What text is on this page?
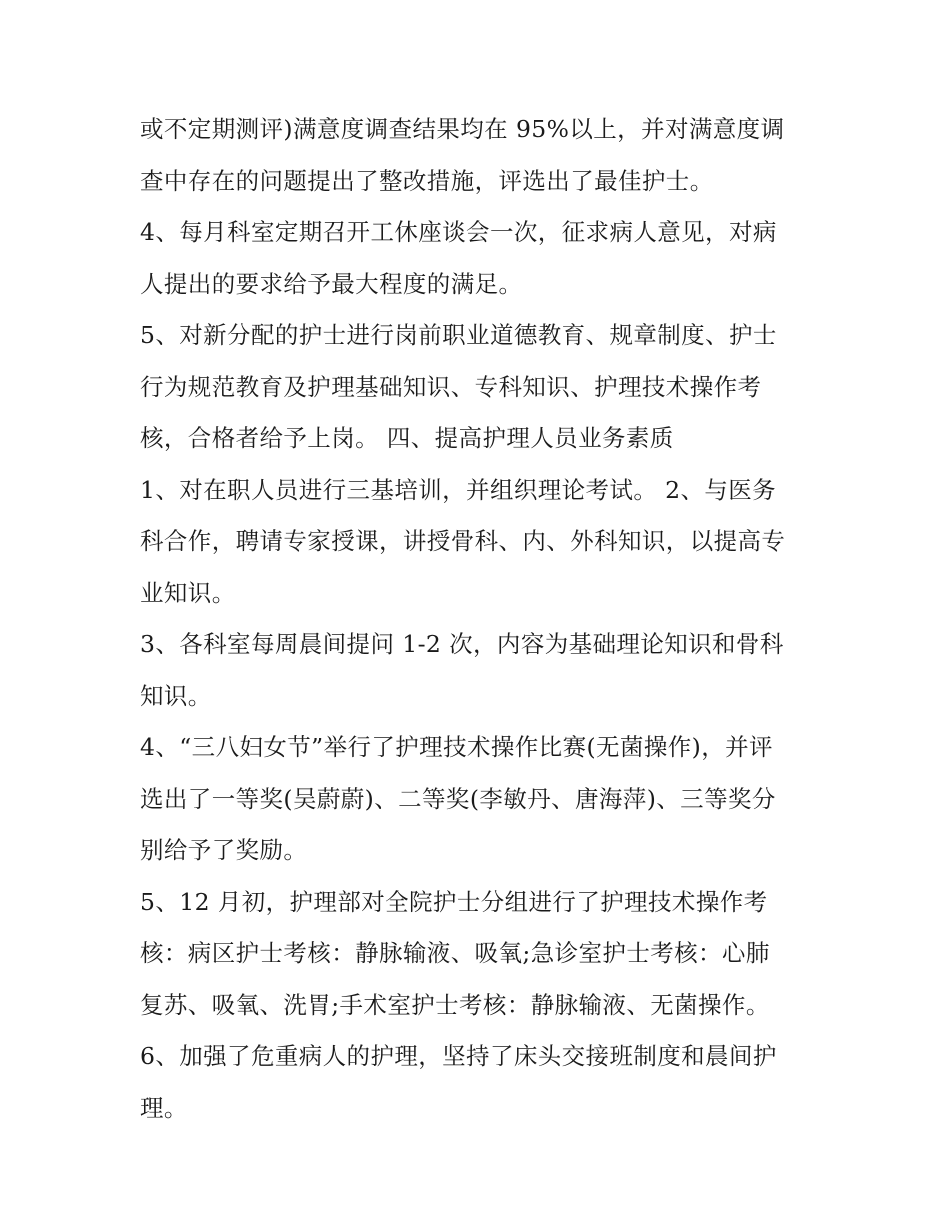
或不定期测评)满意度调查结果均在 95%以上，并对满意度调
查中存在的问题提出了整改措施，评选出了最佳护士。
4、每月科室定期召开工休座谈会一次，征求病人意见，对病
人提出的要求给予最大程度的满足。
5、对新分配的护士进行岗前职业道德教育、规章制度、护士
行为规范教育及护理基础知识、专科知识、护理技术操作考
核，合格者给予上岗。 四、提高护理人员业务素质
1、对在职人员进行三基培训，并组织理论考试。 2、与医务
科合作，聘请专家授课，讲授骨科、内、外科知识，以提高专
业知识。
3、各科室每周晨间提问 1-2 次，内容为基础理论知识和骨科
知识。
4、“三八妇女节”举行了护理技术操作比赛(无菌操作)，并评
选出了一等奖(吴蔚蔚)、二等奖(李敏丹、唐海萍)、三等奖分
别给予了奖励。
5、12 月初，护理部对全院护士分组进行了护理技术操作考
核：病区护士考核：静脉输液、吸氧;急诊室护士考核：心肺
复苏、吸氧、洗胃;手术室护士考核：静脉输液、无菌操作。
6、加强了危重病人的护理，坚持了床头交接班制度和晨间护
理。
